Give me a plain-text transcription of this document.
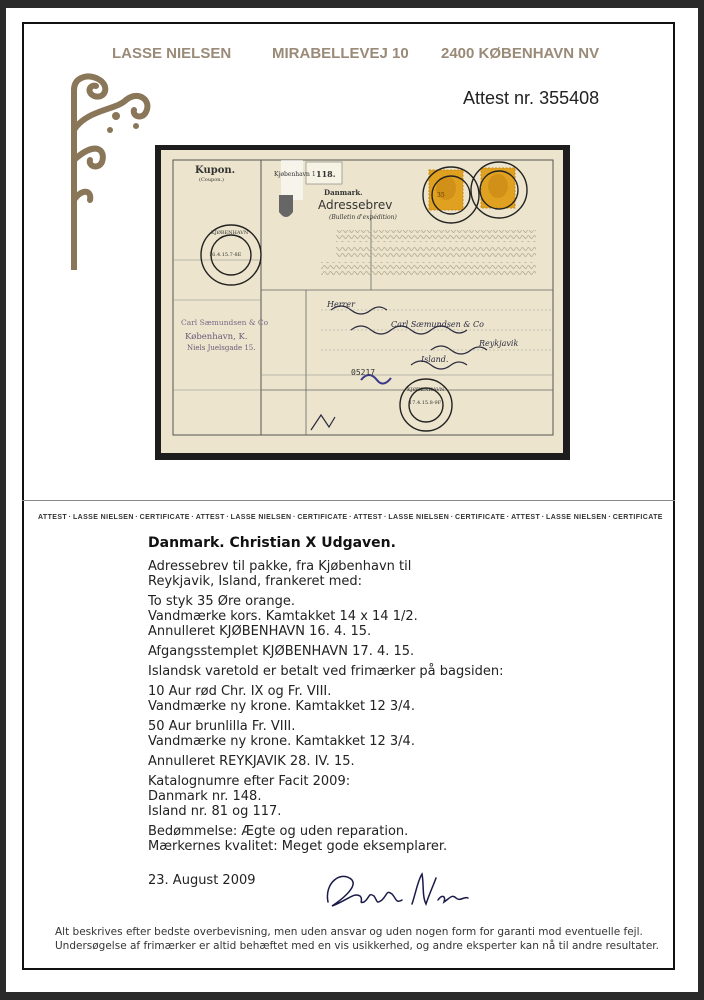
LASSE NIELSEN	MIRABELLEVEJ 10 2400 KØBENHAVN NV
Attest nr. 355408
Kupon.
(Coupon.)
Kjøbenhavn 1 118.
Danmark.
Adressebrev
(Bulletin d'expédition)
Carl Sæmundsen & Co
København, K.
Niels Juelsgade 15.
05217
KJØBENHAVN
16.4.15.7-8E
KJØBENHAVN
17.4.15.8-9F
Herrer
Carl Sæmundsen & Co
Reykjavik
Island.
35
ATTEST · LASSE NIELSEN · CERTIFICATE · ATTEST · LASSE NIELSEN · CERTIFICATE · ATTEST · LASSE NIELSEN · CERTIFICATE · ATTEST · LASSE NIELSEN · CERTIFICATE
Danmark. Christian X Udgaven.
Adressebrev til pakke, fra Kjøbenhavn til
Reykjavik, Island, frankeret med:
To styk 35 Øre orange.
Vandmærke kors. Kamtakket 14 x 14 1/2.
Annulleret KJØBENHAVN 16. 4. 15.
Afgangsstemplet KJØBENHAVN 17. 4. 15.
Islandsk varetold er betalt ved frimærker på bagsiden:
10 Aur rød Chr. IX og Fr. VIII.
Vandmærke ny krone. Kamtakket 12 3/4.
50 Aur brunlilla Fr. VIII.
Vandmærke ny krone. Kamtakket 12 3/4.
Annulleret REYKJAVIK 28. IV. 15.
Katalognumre efter Facit 2009:
Danmark nr. 148.
Island nr. 81 og 117.
Bedømmelse: Ægte og uden reparation.
Mærkernes kvalitet: Meget gode eksemplarer.
23. August 2009
Alt beskrives efter bedste overbevisning, men uden ansvar og uden nogen form for garanti mod eventuelle fejl.
Undersøgelse af frimærker er altid behæftet med en vis usikkerhed, og andre eksperter kan nå til andre resultater.
